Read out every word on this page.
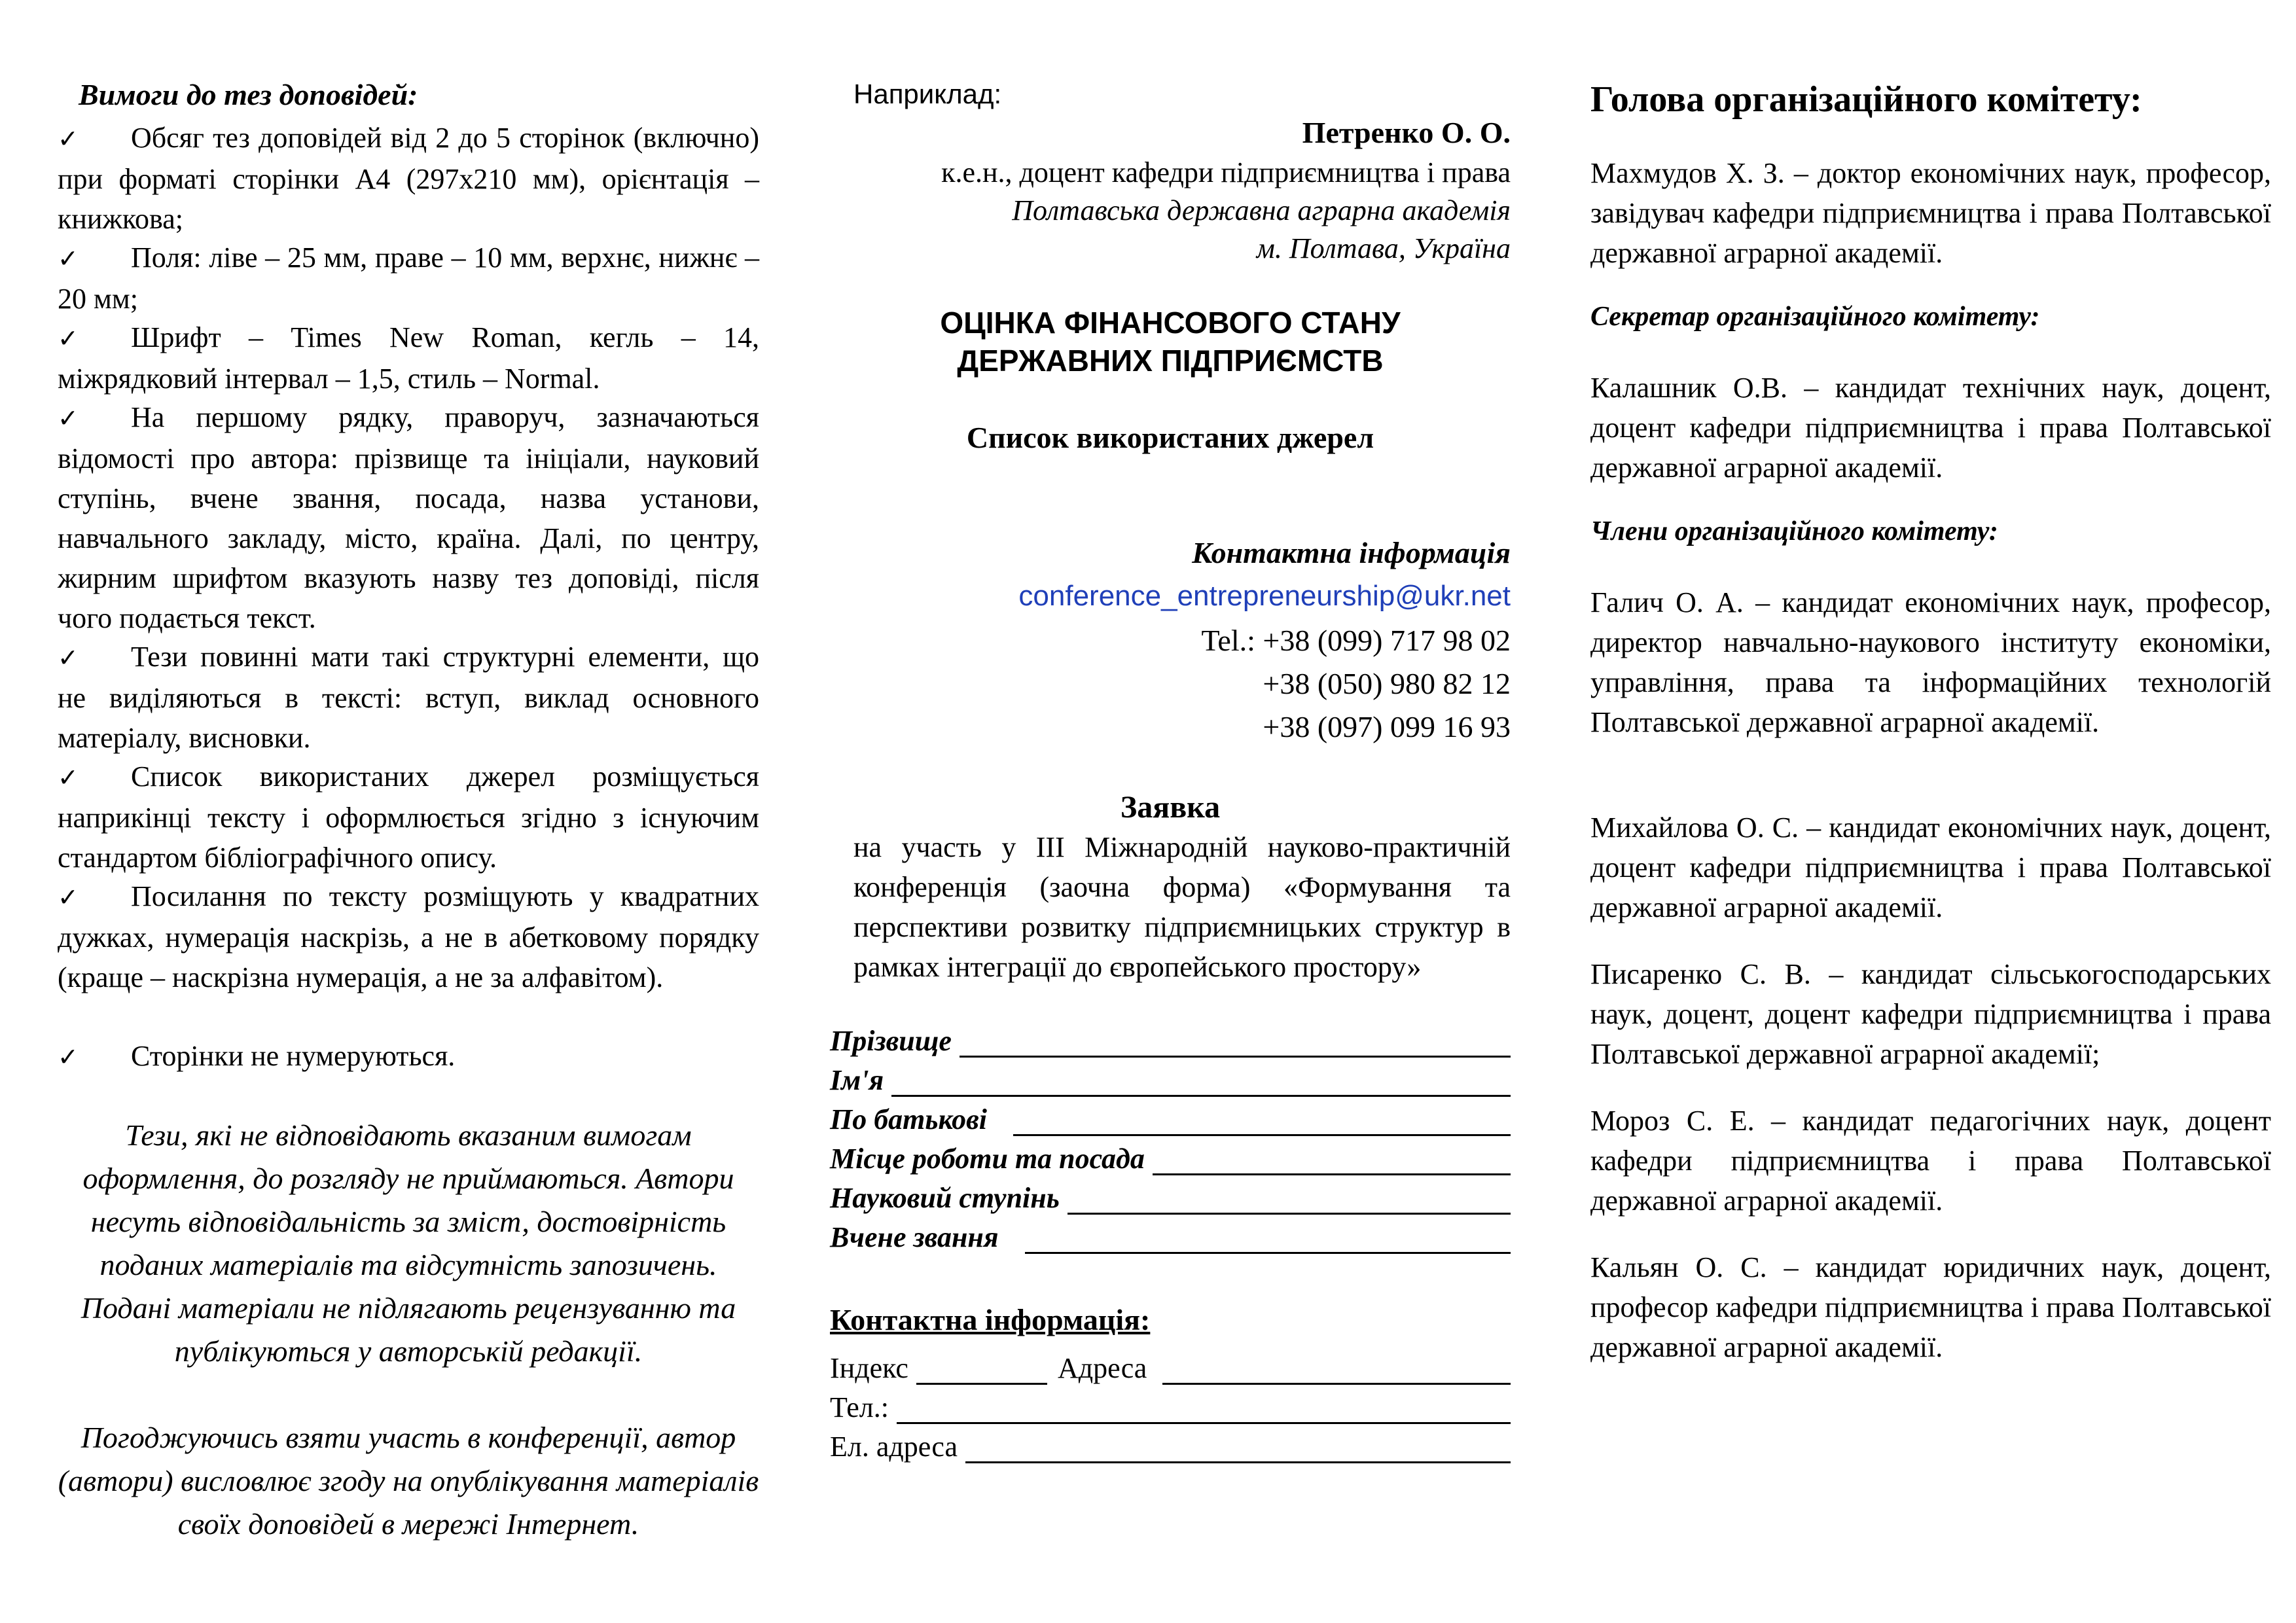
Вимоги до тез доповідей:
✓ Обсяг тез доповідей від 2 до 5 сторінок (включно) при форматі сторінки А4 (297х210 мм), орієнтація – книжкова;
✓ Поля: ліве – 25 мм, праве – 10 мм, верхнє, нижнє – 20 мм;
✓ Шрифт – Times New Roman, кегль – 14, міжрядковий інтервал – 1,5, стиль – Normal.
✓ На першому рядку, праворуч, зазначаються відомості про автора: прізвище та ініціали, науковий ступінь, вчене звання, посада, назва установи, навчального закладу, місто, країна. Далі, по центру, жирним шрифтом вказують назву тез доповіді, після чого подається текст.
✓ Тези повинні мати такі структурні елементи, що не виділяються в тексті: вступ, виклад основного матеріалу, висновки.
✓ Список використаних джерел розміщується наприкінці тексту і оформлюється згідно з існуючим стандартом бібліографічного опису.
✓ Посилання по тексту розміщують у квадратних дужках, нумерація наскрізь, а не в абетковому порядку (краще – наскрізна нумерація, а не за алфавітом).
✓ Сторінки не нумеруються.
Тези, які не відповідають вказаним вимогам оформлення, до розгляду не приймаються. Автори несуть відповідальність за зміст, достовірність поданих матеріалів та відсутність запозичень. Подані матеріали не підлягають рецензуванню та публікуються у авторській редакції.
Погоджуючись взяти участь в конференції, автор (автори) висловлює згоду на опублікування матеріалів своїх доповідей в мережі Інтернет.
Наприклад:
Петренко О. О.
к.е.н., доцент кафедри підприємництва і права
Полтавська державна аграрна академія
м. Полтава, Україна
ОЦІНКА ФІНАНСОВОГО СТАНУ
ДЕРЖАВНИХ ПІДПРИЄМСТВ
Список використаних джерел
Контактна інформація
conference_entrepreneurship@ukr.net
Tel.: +38 (099) 717 98 02
+38 (050) 980 82 12
+38 (097) 099 16 93
Заявка
на участь у ІІІ Міжнародній науково-практичній конференція (заочна форма) «Формування та перспективи розвитку підприємницьких структур в рамках інтеграції до європейського простору»
Прізвище
Ім'я
По батькові
Місце роботи та посада
Науковий ступінь
Вчене звання
Контактна інформація:
Індекс	Адреса
Тел.:
Ел. адреса
Голова організаційного комітету:
Махмудов Х. З. – доктор економічних наук, професор, завідувач кафедри підприємництва і права Полтавської державної аграрної академії.
Секретар організаційного комітету:
Калашник О.В. – кандидат технічних наук, доцент, доцент кафедри підприємництва і права Полтавської державної аграрної академії.
Члени організаційного комітету:
Галич О. А. – кандидат економічних наук, професор, директор навчально-наукового інституту економіки, управління, права та інформаційних технологій Полтавської державної аграрної академії.
Михайлова О. С. – кандидат економічних наук, доцент, доцент кафедри підприємництва і права Полтавської державної аграрної академії.
Писаренко С. В. – кандидат сільськогосподарських наук, доцент, доцент кафедри підприємництва і права Полтавської державної аграрної академії;
Мороз С. Е. – кандидат педагогічних наук, доцент кафедри підприємництва і права Полтавської державної аграрної академії.
Кальян О. С. – кандидат юридичних наук, доцент, професор кафедри підприємництва і права Полтавської державної аграрної академії.
